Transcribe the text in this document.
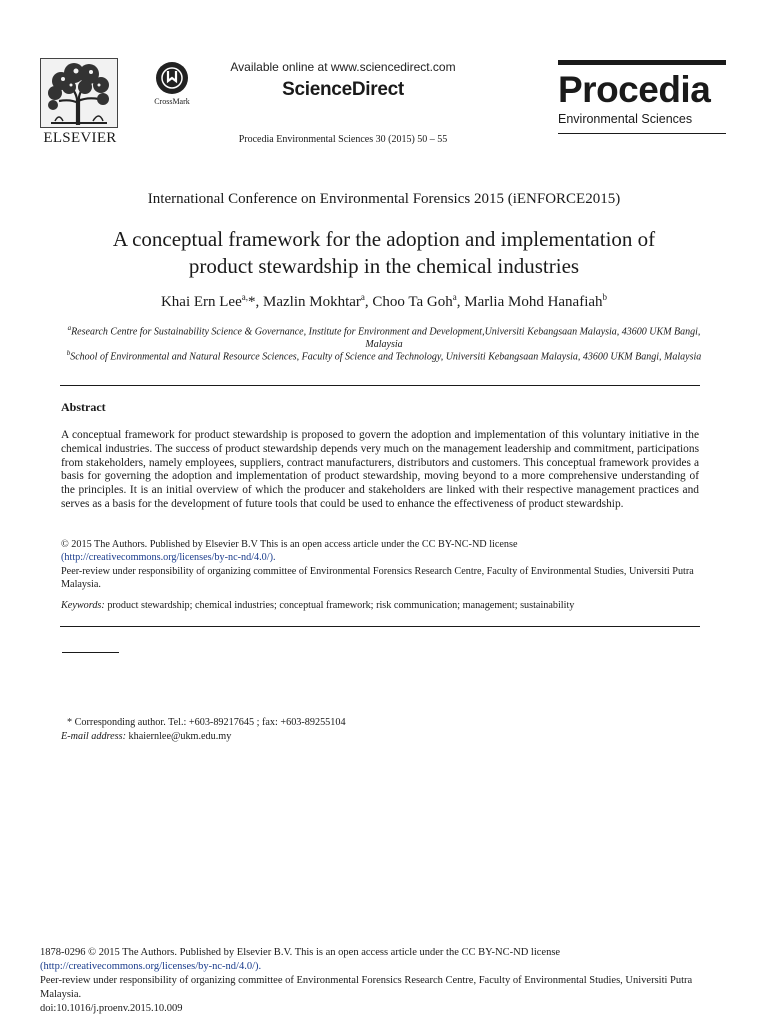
ELSEVIER
CrossMark
Available online at www.sciencedirect.com
ScienceDirect
Procedia Environmental Sciences 30 (2015) 50 – 55
Procedia
Environmental Sciences
International Conference on Environmental Forensics 2015 (iENFORCE2015)
A conceptual framework for the adoption and implementation of
product stewardship in the chemical industries
Khai Ern Lee$^{a,}$*, Mazlin Mokhtar$^a$, Choo Ta Goh$^a$, Marlia Mohd Hanafiah$^b$
$^a$Research Centre for Sustainability Science & Governance, Institute for Environment and Development,Universiti Kebangsaan Malaysia, 43600 UKM Bangi, Malaysia
$^b$School of Environmental and Natural Resource Sciences, Faculty of Science and Technology, Universiti Kebangsaan Malaysia, 43600 UKM Bangi, Malaysia
Abstract
A conceptual framework for product stewardship is proposed to govern the adoption and implementation of this voluntary initiative in the chemical industries. The success of product stewardship depends very much on the management leadership and commitment, participations from stakeholders, namely employees, suppliers, contract manufacturers, distributors and customers. This conceptual framework provides a basis for governing the adoption and implementation of product stewardship, moving beyond to a more comprehensive understanding of the principles. It is an initial overview of which the producer and stakeholders are linked with their respective management practices and serves as a basis for the development of future tools that could be used to enhance the effectiveness of product stewardship.
© 2015 The Authors. Published by Elsevier B.V This is an open access article under the CC BY-NC-ND license
(http://creativecommons.org/licenses/by-nc-nd/4.0/).
Peer-review under responsibility of organizing committee of Environmental Forensics Research Centre, Faculty of Environmental Studies, Universiti Putra Malaysia.
Keywords: product stewardship; chemical industries; conceptual framework; risk communication; management; sustainability
* Corresponding author. Tel.: +603-89217645 ; fax: +603-89255104
E-mail address: khaiernlee@ukm.edu.my
1878-0296 © 2015 The Authors. Published by Elsevier B.V. This is an open access article under the CC BY-NC-ND license
(http://creativecommons.org/licenses/by-nc-nd/4.0/).
Peer-review under responsibility of organizing committee of Environmental Forensics Research Centre, Faculty of Environmental Studies, Universiti Putra Malaysia.
doi:10.1016/j.proenv.2015.10.009
